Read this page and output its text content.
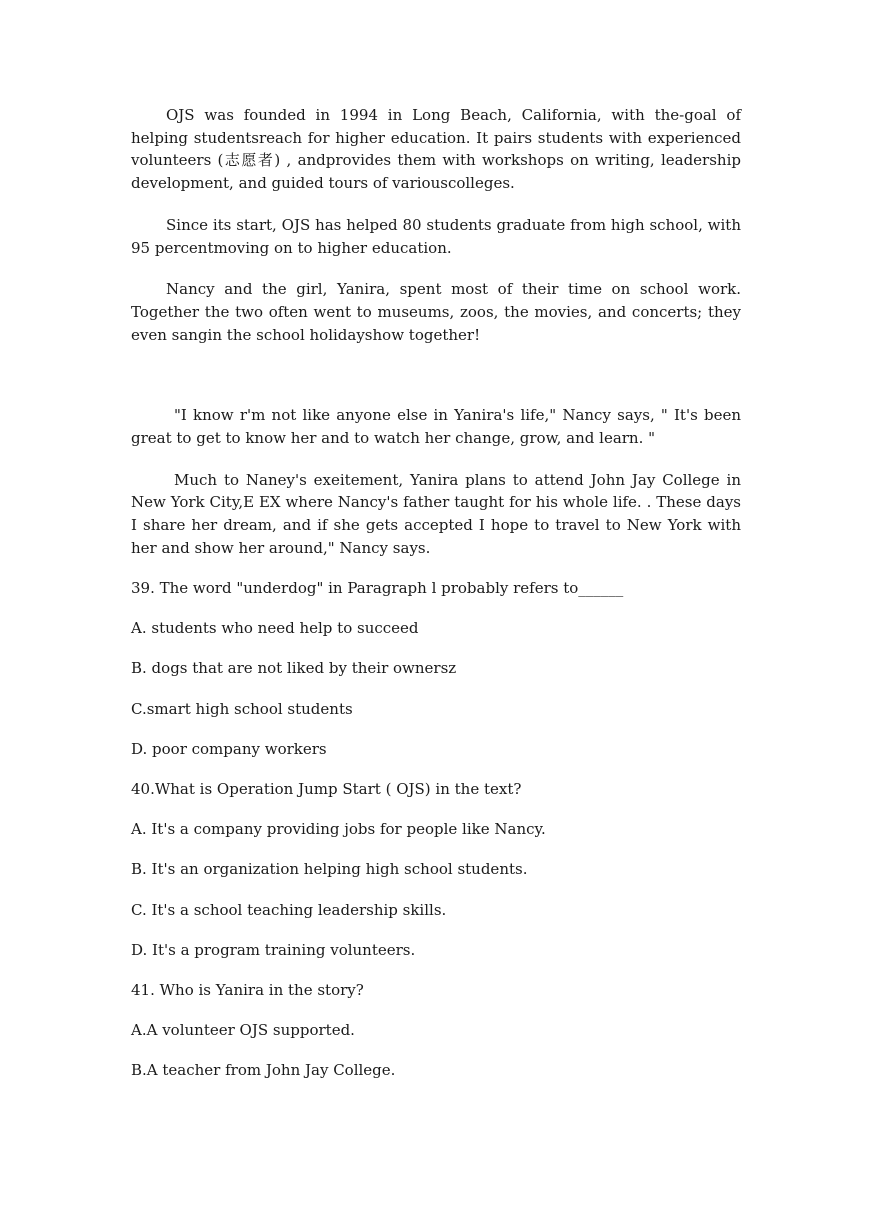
OJS was founded in 1994 in Long Beach, California, with the-goal of helping studentsreach for higher education. It pairs students with experienced volunteers (志愿者) , andprovides them with workshops on writing, leadership development, and guided tours of variouscolleges.

Since its start, OJS has helped 80 students graduate from high school, with 95 percentmoving on to higher education.

Nancy and the girl, Yanira, spent most of their time on school work. Together the two often went to museums, zoos, the movies, and concerts; they even sangin the school holidayshow together!

"I know r'm not like anyone else in Yanira's life," Nancy says, " It's been great to get to know her and to watch her change, grow, and learn. "

Much to Naney's exeitement, Yanira plans to attend John Jay College in New York City,E EX where Nancy's father taught for his whole life. . These days I share her dream, and if she gets accepted I hope to travel to New York with her and show her around," Nancy says.

39. The word "underdog" in Paragraph l probably refers to______

A. students who need help to succeed

B. dogs that are not liked by their ownersz

C.smart high school students

D. poor company workers

40.What is Operation Jump Start ( OJS) in the text?

A. It's a company providing jobs for people like Nancy.

B. It's an organization helping high school students.

C. It's a school teaching leadership skills.

D. It's a program training volunteers.

41. Who is Yanira in the story?

A.A volunteer OJS supported.

B.A teacher from John Jay College.
